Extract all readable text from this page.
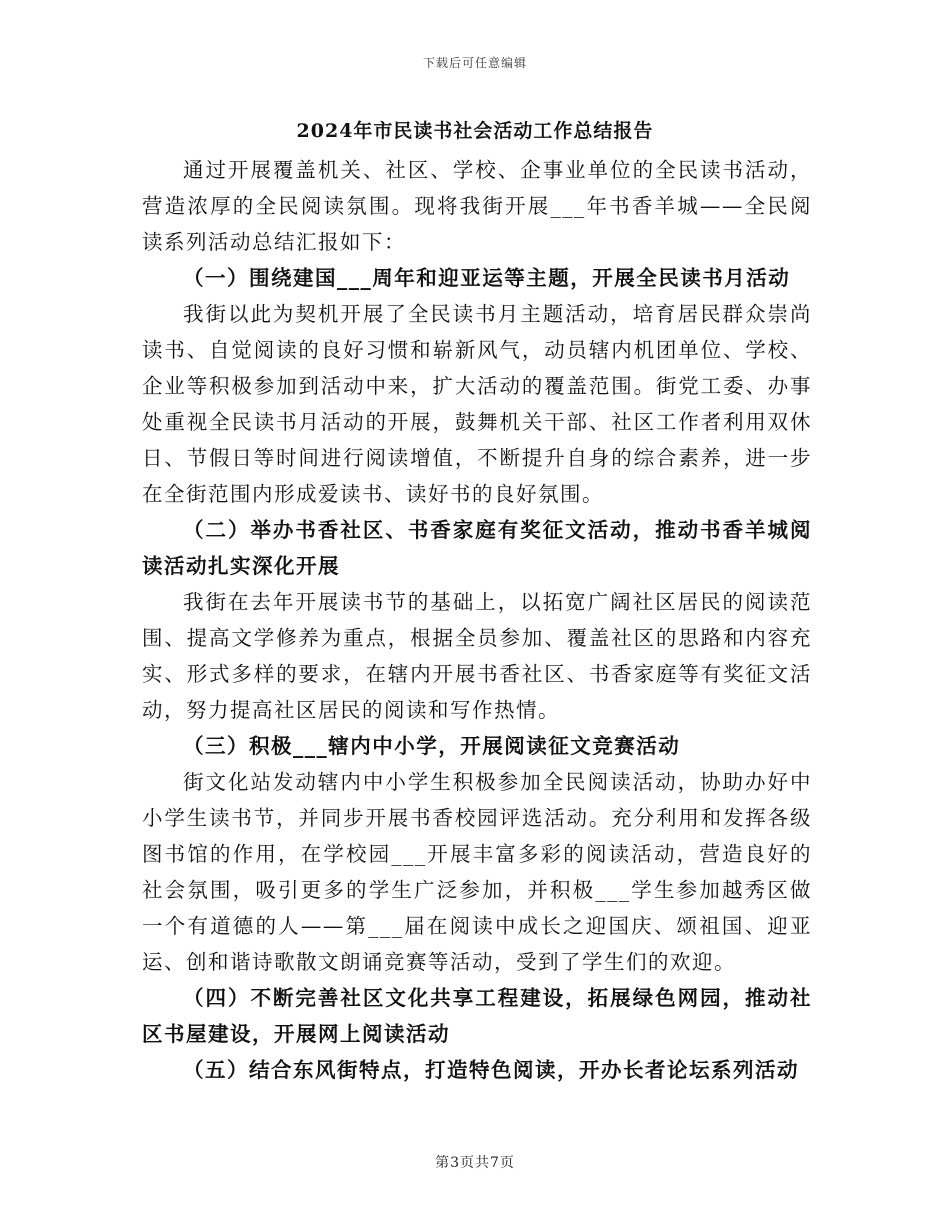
下载后可任意编辑
2024年市民读书社会活动工作总结报告

通过开展覆盖机关、社区、学校、企事业单位的全民读书活动，营造浓厚的全民阅读氛围。现将我街开展___年书香羊城——全民阅读系列活动总结汇报如下：

（一）围绕建国___周年和迎亚运等主题，开展全民读书月活动

我街以此为契机开展了全民读书月主题活动，培育居民群众崇尚读书、自觉阅读的良好习惯和崭新风气，动员辖内机团单位、学校、企业等积极参加到活动中来，扩大活动的覆盖范围。街党工委、办事处重视全民读书月活动的开展，鼓舞机关干部、社区工作者利用双休日、节假日等时间进行阅读增值，不断提升自身的综合素养，进一步在全街范围内形成爱读书、读好书的良好氛围。

（二）举办书香社区、书香家庭有奖征文活动，推动书香羊城阅读活动扎实深化开展

我街在去年开展读书节的基础上，以拓宽广阔社区居民的阅读范围、提高文学修养为重点，根据全员参加、覆盖社区的思路和内容充实、形式多样的要求，在辖内开展书香社区、书香家庭等有奖征文活动，努力提高社区居民的阅读和写作热情。

（三）积极___辖内中小学，开展阅读征文竞赛活动

街文化站发动辖内中小学生积极参加全民阅读活动，协助办好中小学生读书节，并同步开展书香校园评选活动。充分利用和发挥各级图书馆的作用，在学校园___开展丰富多彩的阅读活动，营造良好的社会氛围，吸引更多的学生广泛参加，并积极___学生参加越秀区做一个有道德的人——第___届在阅读中成长之迎国庆、颂祖国、迎亚运、创和谐诗歌散文朗诵竞赛等活动，受到了学生们的欢迎。

（四）不断完善社区文化共享工程建设，拓展绿色网园，推动社区书屋建设，开展网上阅读活动

（五）结合东风街特点，打造特色阅读，开办长者论坛系列活动

第3页共7页
